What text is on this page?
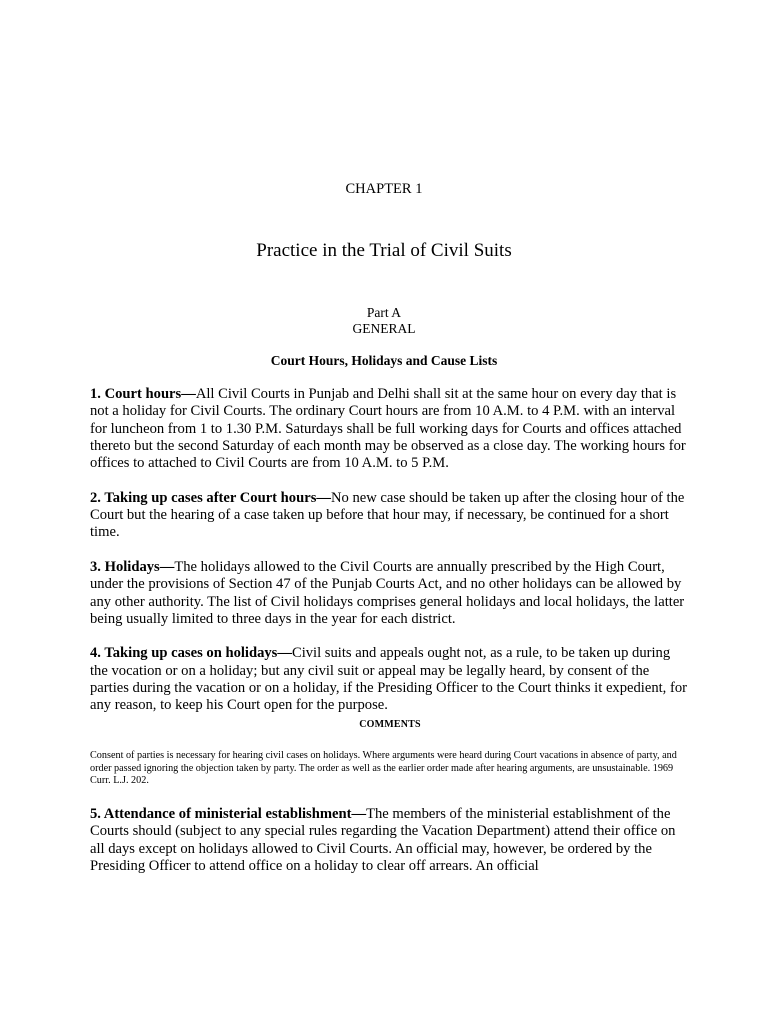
CHAPTER 1
Practice in the Trial of Civil Suits
Part A
GENERAL
Court Hours, Holidays and Cause Lists

1. Court hours—All Civil Courts in Punjab and Delhi shall sit at the same hour on every day that is not a holiday for Civil Courts. The ordinary Court hours are from 10 A.M. to 4 P.M. with an interval for luncheon from 1 to 1.30 P.M. Saturdays shall be full working days for Courts and offices attached thereto but the second Saturday of each month may be observed as a close day. The working hours for offices to attached to Civil Courts are from 10 A.M. to 5 P.M.

2. Taking up cases after Court hours—No new case should be taken up after the closing hour of the Court but the hearing of a case taken up before that hour may, if necessary, be continued for a short time.

3. Holidays—The holidays allowed to the Civil Courts are annually prescribed by the High Court, under the provisions of Section 47 of the Punjab Courts Act, and no other holidays can be allowed by any other authority. The list of Civil holidays comprises general holidays and local holidays, the latter being usually limited to three days in the year for each district.

4. Taking up cases on holidays—Civil suits and appeals ought not, as a rule, to be taken up during the vocation or on a holiday; but any civil suit or appeal may be legally heard, by consent of the parties during the vacation or on a holiday, if the Presiding Officer to the Court thinks it expedient, for any reason, to keep his Court open for the purpose.

COMMENTS

Consent of parties is necessary for hearing civil cases on holidays. Where arguments were heard during Court vacations in absence of party, and order passed ignoring the objection taken by party. The order as well as the earlier order made after hearing arguments, are unsustainable. 1969 Curr. L.J. 202.

5. Attendance of ministerial establishment—The members of the ministerial establishment of the Courts should (subject to any special rules regarding the Vacation Department) attend their office on all days except on holidays allowed to Civil Courts. An official may, however, be ordered by the Presiding Officer to attend office on a holiday to clear off arrears. An official
